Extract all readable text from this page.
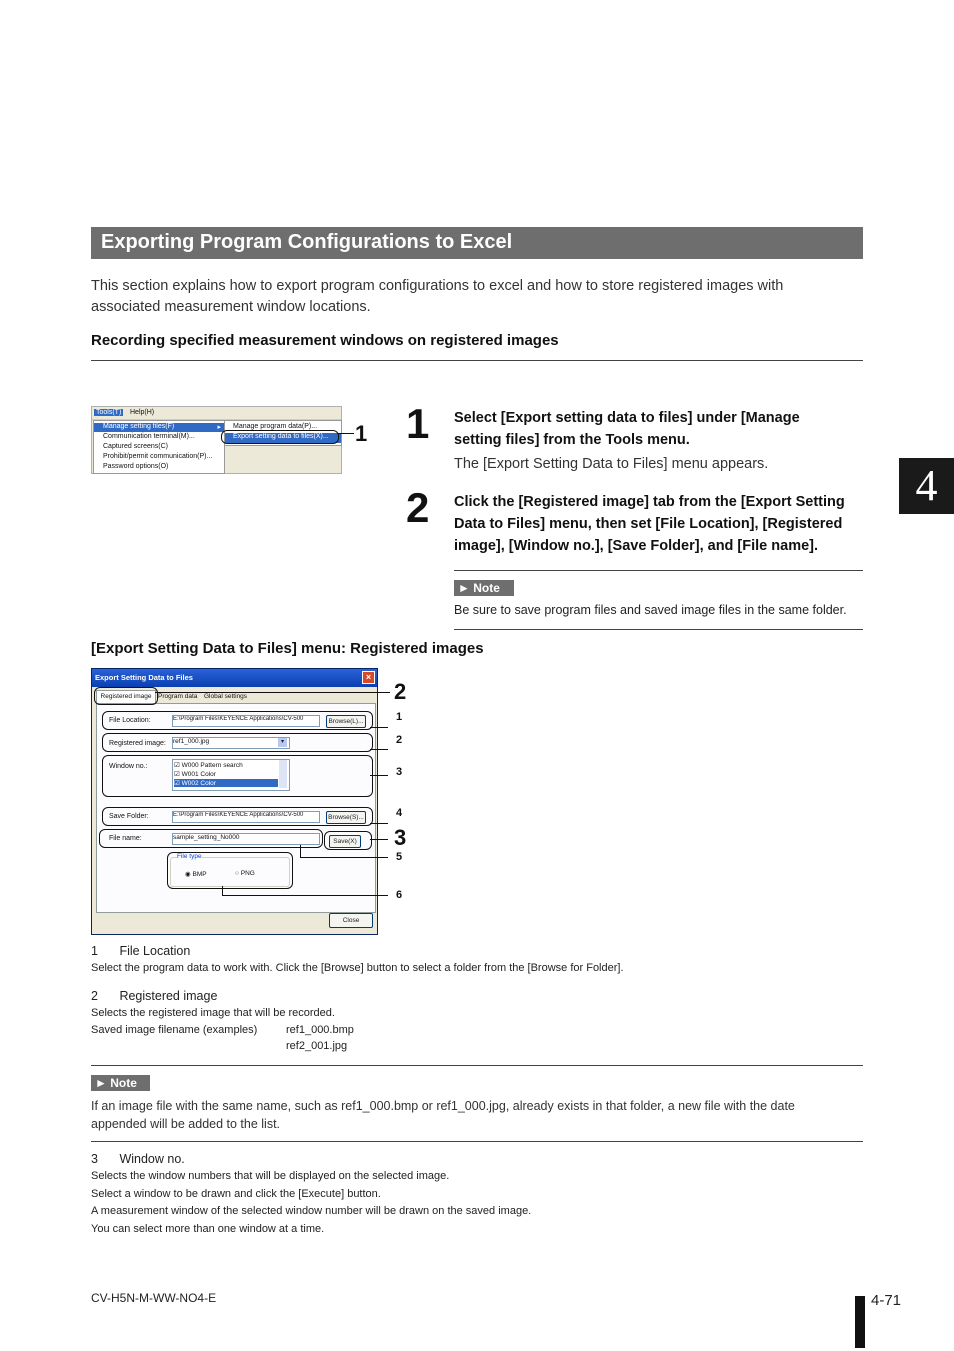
Exporting Program Configurations to Excel
This section explains how to export program configurations to excel and how to store registered images with
associated measurement window locations.
Recording specified measurement windows on registered images
Tools(T) Help(H)
Manage setting files(F)	▸
Communication terminal(M)...
Captured screens(C)
Prohibit/permit communication(P)...
Password options(O)
Manage program data(P)...
Export setting data to files(X)...	1 1 Select [Export setting data to files] under [Manage
setting files] from the Tools menu.
The [Export Setting Data to Files] menu appears.
2 Click the [Registered image] tab from the [Export Setting
Data to Files] menu, then set [File Location], [Registered
image], [Window no.], [Save Folder], and [File name].
► Note
Be sure to save program files and saved image files in the same folder.
[Export Setting Data to Files] menu: Registered images
Export Setting Data to Files	×
Registered image	Program data Global settings
File Location:	E:\Program Files\KEYENCE Applications\CV-500	Browse(L)...
Registered image: ref1_000.jpg	▾
Window no.:	☑ W000 Pattern search
☑ W001 Color
☑ W002 Color
Save Folder:	E:\Program Files\KEYENCE Applications\CV-500	Browse(S)...
File name:	sample_setting_No000
Save(X)
File type
◉ BMP	○ PNG
Close
2
3
1
2
3
4
5
6
1 File Location
Select the program data to work with. Click the [Browse] button to select a folder from the [Browse for Folder].
2 Registered image
Selects the registered image that will be recorded.
Saved image filename (examples)	ref1_000.bmp
ref2_001.jpg
► Note
If an image file with the same name, such as ref1_000.bmp or ref1_000.jpg, already exists in that folder, a new file with the date
appended will be added to the list.
3 Window no.
Selects the window numbers that will be displayed on the selected image.
Select a window to be drawn and click the [Execute] button.
A measurement window of the selected window number will be drawn on the saved image.
You can select more than one window at a time.
4
CV-H5N-M-WW-NO4-E	4-71
